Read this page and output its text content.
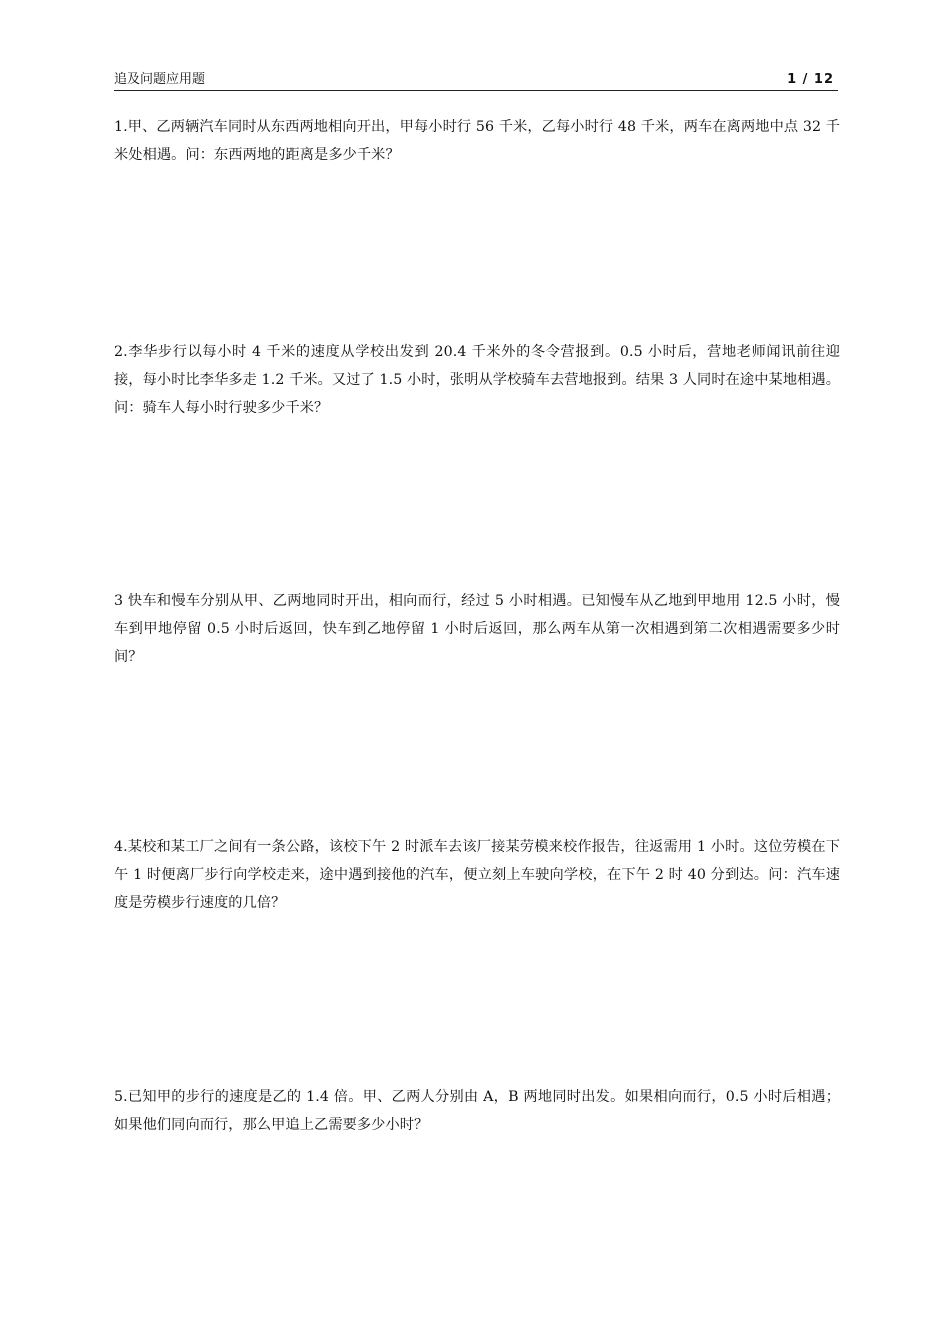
追及问题应用题	1 / 12

1.甲、乙两辆汽车同时从东西两地相向开出，甲每小时行 56 千米，乙每小时行 48 千米，两车在离两地中点 32 千米处相遇。问：东西两地的距离是多少千米？

2.李华步行以每小时 4 千米的速度从学校出发到 20.4 千米外的冬令营报到。0.5 小时后，营地老师闻讯前往迎接，每小时比李华多走 1.2 千米。又过了 1.5 小时，张明从学校骑车去营地报到。结果 3 人同时在途中某地相遇。问：骑车人每小时行驶多少千米？

3 快车和慢车分别从甲、乙两地同时开出，相向而行，经过 5 小时相遇。已知慢车从乙地到甲地用 12.5 小时，慢车到甲地停留 0.5 小时后返回，快车到乙地停留 1 小时后返回，那么两车从第一次相遇到第二次相遇需要多少时间？

4.某校和某工厂之间有一条公路，该校下午 2 时派车去该厂接某劳模来校作报告，往返需用 1 小时。这位劳模在下午 1 时便离厂步行向学校走来，途中遇到接他的汽车，便立刻上车驶向学校，在下午 2 时 40 分到达。问：汽车速度是劳模步行速度的几倍？

5.已知甲的步行的速度是乙的 1.4 倍。甲、乙两人分别由 A，B 两地同时出发。如果相向而行，0.5 小时后相遇；如果他们同向而行，那么甲追上乙需要多少小时？
